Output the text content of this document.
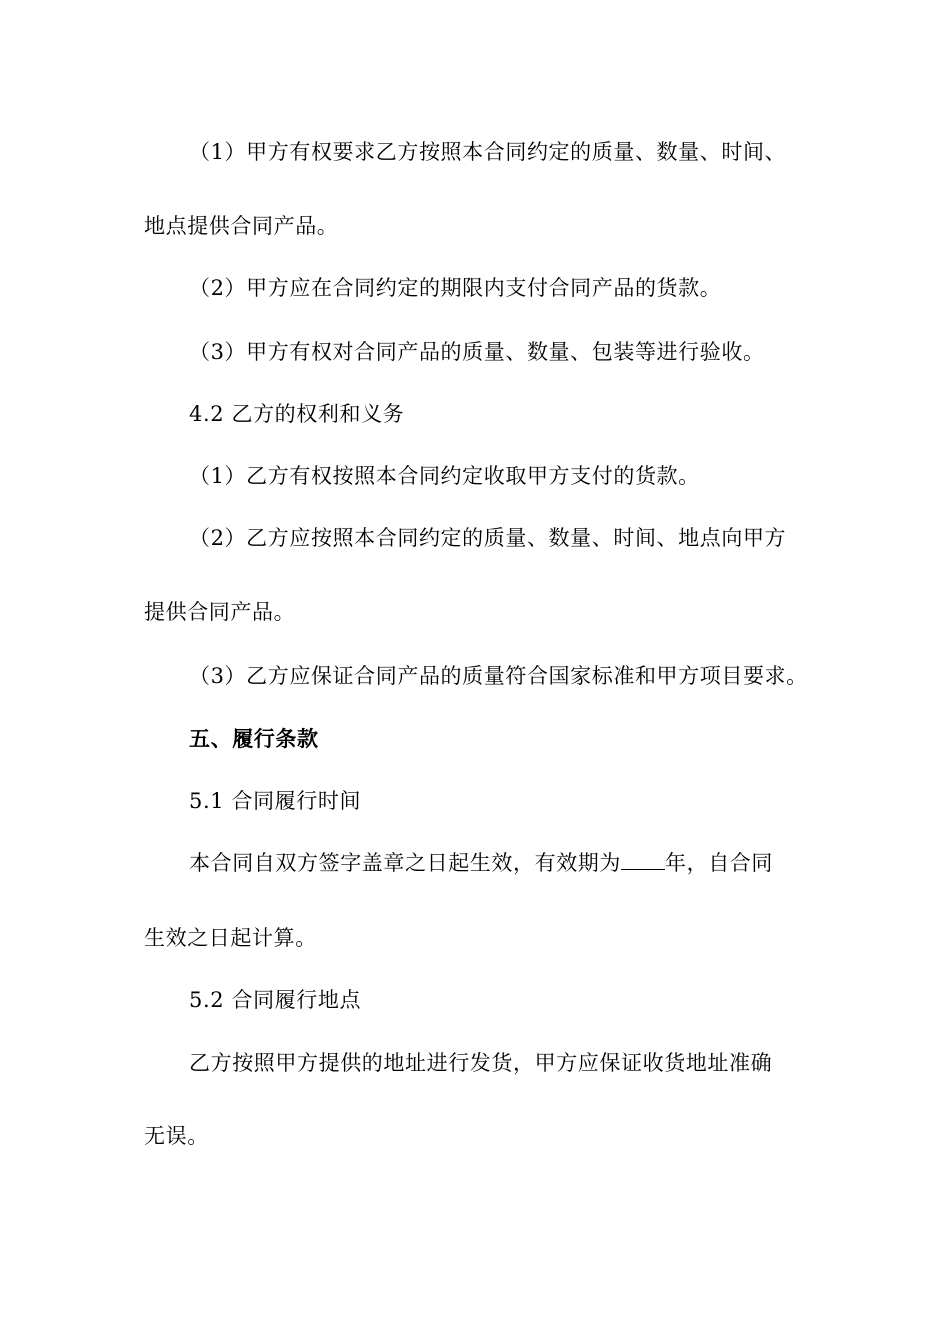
（1）甲方有权要求乙方按照本合同约定的质量、数量、时间、
地点提供合同产品。
（2）甲方应在合同约定的期限内支付合同产品的货款。
（3）甲方有权对合同产品的质量、数量、包装等进行验收。
4.2 乙方的权利和义务
（1）乙方有权按照本合同约定收取甲方支付的货款。
（2）乙方应按照本合同约定的质量、数量、时间、地点向甲方
提供合同产品。
（3）乙方应保证合同产品的质量符合国家标准和甲方项目要求。
五、履行条款
5.1 合同履行时间
本合同自双方签字盖章之日起生效，有效期为 年，自合同
生效之日起计算。
5.2 合同履行地点
乙方按照甲方提供的地址进行发货，甲方应保证收货地址准确
无误。
